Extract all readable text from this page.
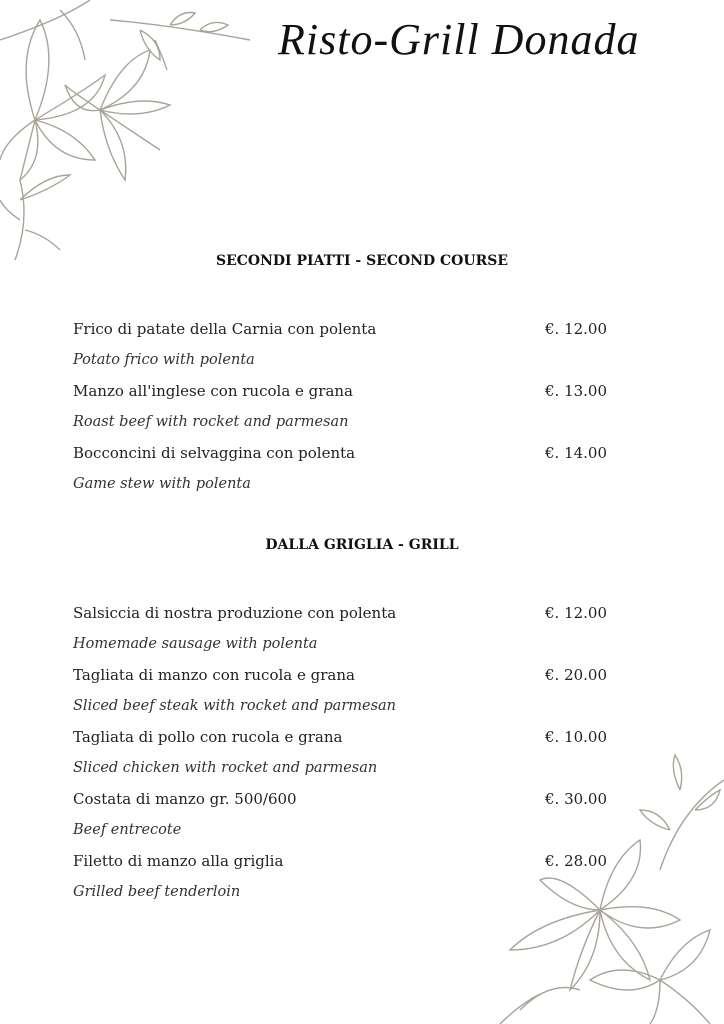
Risto-Grill Donada
SECONDI PIATTI - SECOND COURSE
Frico di patate della Carnia con polenta	€. 12.00
Potato frico with polenta
Manzo all'inglese con rucola e grana	€. 13.00
Roast beef with rocket and parmesan
Bocconcini di selvaggina con polenta	€. 14.00
Game stew with polenta
DALLA GRIGLIA - GRILL
Salsiccia di nostra produzione con polenta	€. 12.00
Homemade sausage with polenta
Tagliata di manzo con rucola e grana	€. 20.00
Sliced beef steak with rocket and parmesan
Tagliata di pollo con rucola e grana	€. 10.00
Sliced chicken with rocket and parmesan
Costata di manzo gr. 500/600	€. 30.00
Beef entrecote
Filetto di manzo alla griglia	€. 28.00
Grilled beef tenderloin
